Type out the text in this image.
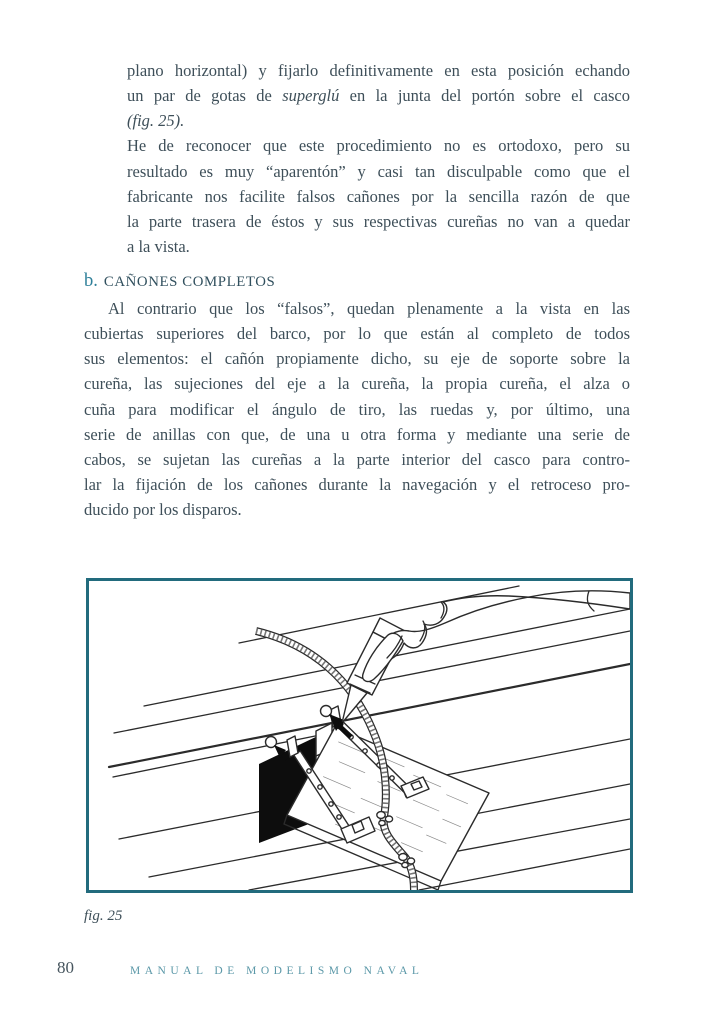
plano horizontal) y fijarlo definitivamente en esta posición echando
un par de gotas de superglú en la junta del portón sobre el casco
(fig. 25).
He de reconocer que este procedimiento no es ortodoxo, pero su
resultado es muy “aparentón” y casi tan disculpable como que el
fabricante nos facilite falsos cañones por la sencilla razón de que
la parte trasera de éstos y sus respectivas cureñas no van a quedar
a la vista.
b. CAÑONES COMPLETOS
Al contrario que los “falsos”, quedan plenamente a la vista en las
cubiertas superiores del barco, por lo que están al completo de todos
sus elementos: el cañón propiamente dicho, su eje de soporte sobre la
cureña, las sujeciones del eje a la cureña, la propia cureña, el alza o
cuña para modificar el ángulo de tiro, las ruedas y, por último, una
serie de anillas con que, de una u otra forma y mediante una serie de
cabos, se sujetan las cureñas a la parte interior del casco para contro-
lar la fijación de los cañones durante la navegación y el retroceso pro-
ducido por los disparos.
fig. 25
80	MANUAL DE MODELISMO NAVAL
